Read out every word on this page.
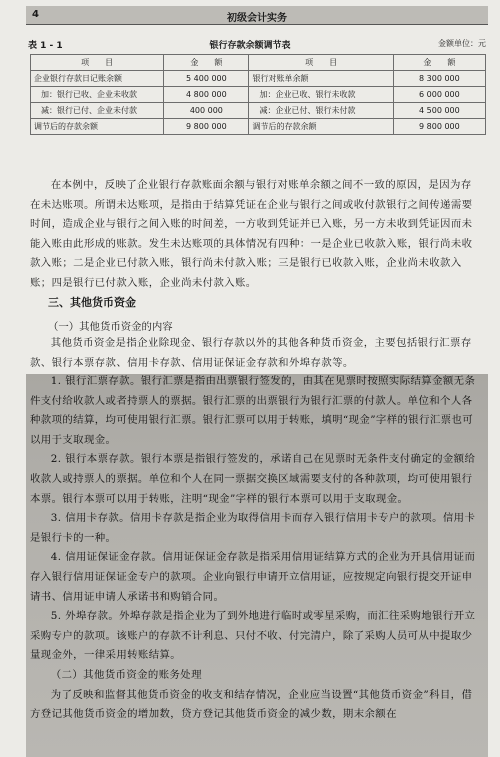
4	初级会计实务
表 1 - 1	银行存款余额调节表	金额单位：元
项　　目	金　　额	项　　目	金　　额
企业银行存款日记账余额	5 400 000	银行对账单余额	8 300 000
加：银行已收、企业未收款	4 800 000	加：企业已收、银行未收款	6 000 000
减：银行已付、企业未付款	400 000	减：企业已付、银行未付款	4 500 000
调节后的存款余额	9 800 000	调节后的存款余额	9 800 000

在本例中，反映了企业银行存款账面余额与银行对账单余额之间不一致的原因，是因为存在未达账项。所谓未达账项，是指由于结算凭证在企业与银行之间或收付款银行之间传递需要时间，造成企业与银行之间入账的时间差，一方收到凭证并已入账，另一方未收到凭证因而未能入账由此形成的账款。发生未达账项的具体情况有四种：一是企业已收款入账，银行尚未收款入账；二是企业已付款入账，银行尚未付款入账；三是银行已收款入账，企业尚未收款入账；四是银行已付款入账，企业尚未付款入账。

三、其他货币资金
（一）其他货币资金的内容

其他货币资金是指企业除现金、银行存款以外的其他各种货币资金，主要包括银行汇票存款、银行本票存款、信用卡存款、信用证保证金存款和外埠存款等。

1. 银行汇票存款。银行汇票是指由出票银行签发的，由其在见票时按照实际结算金额无条件支付给收款人或者持票人的票据。银行汇票的出票银行为银行汇票的付款人。单位和个人各种款项的结算，均可使用银行汇票。银行汇票可以用于转账，填明“现金”字样的银行汇票也可以用于支取现金。

2. 银行本票存款。银行本票是指银行签发的，承诺自己在见票时无条件支付确定的金额给收款人或持票人的票据。单位和个人在同一票据交换区域需要支付的各种款项，均可使用银行本票。银行本票可以用于转账，注明“现金”字样的银行本票可以用于支取现金。

3. 信用卡存款。信用卡存款是指企业为取得信用卡而存入银行信用卡专户的款项。信用卡是银行卡的一种。

4. 信用证保证金存款。信用证保证金存款是指采用信用证结算方式的企业为开具信用证而存入银行信用证保证金专户的款项。企业向银行申请开立信用证，应按规定向银行提交开证申请书、信用证申请人承诺书和购销合同。

5. 外埠存款。外埠存款是指企业为了到外地进行临时或零星采购，而汇往采购地银行开立采购专户的款项。该账户的存款不计利息、只付不收、付完清户，除了采购人员可从中提取少量现金外，一律采用转账结算。

（二）其他货币资金的账务处理

为了反映和监督其他货币资金的收支和结存情况，企业应当设置“其他货币资金”科目，借方登记其他货币资金的增加数，贷方登记其他货币资金的减少数，期末余额在
